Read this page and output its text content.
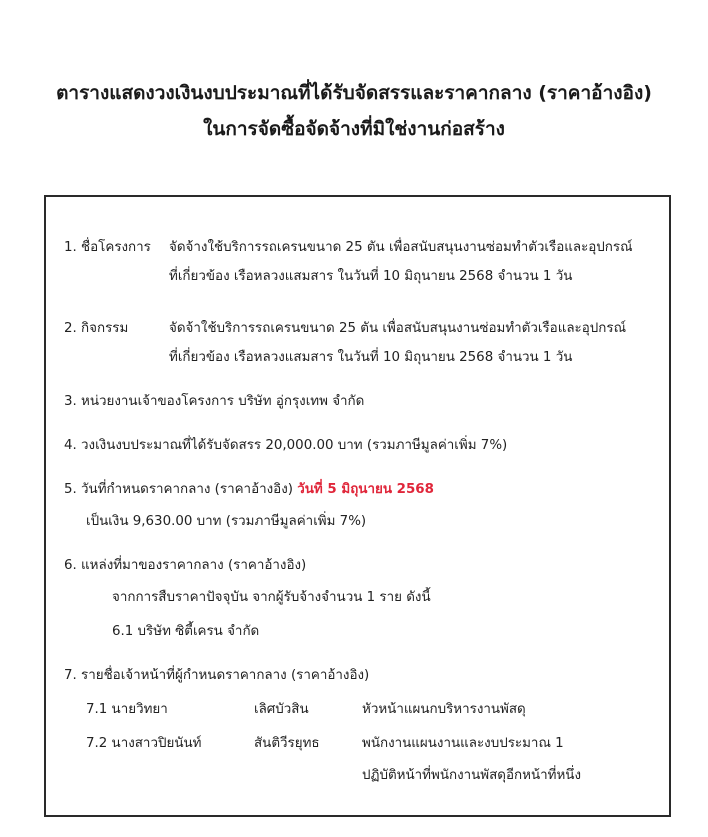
ตารางแสดงวงเงินงบประมาณที่ได้รับจัดสรรและราคากลาง (ราคาอ้างอิง)
ในการจัดซื้อจัดจ้างที่มิใช่งานก่อสร้าง
1. ชื่อโครงการ จัดจ้างใช้บริการรถเครนขนาด 25 ตัน เพื่อสนับสนุนงานซ่อมทำตัวเรือและอุปกรณ์
ที่เกี่ยวข้อง เรือหลวงแสมสาร ในวันที่ 10 มิถุนายน 2568 จำนวน 1 วัน
2. กิจกรรม	จัดจ้าใช้บริการรถเครนขนาด 25 ตัน เพื่อสนับสนุนงานซ่อมทำตัวเรือและอุปกรณ์
ที่เกี่ยวข้อง เรือหลวงแสมสาร ในวันที่ 10 มิถุนายน 2568 จำนวน 1 วัน
3. หน่วยงานเจ้าของโครงการ บริษัท อู่กรุงเทพ จำกัด
4. วงเงินงบประมาณที่ได้รับจัดสรร 20,000.00 บาท (รวมภาษีมูลค่าเพิ่ม 7%)
5. วันที่กำหนดราคากลาง (ราคาอ้างอิง) วันที่ 5 มิถุนายน 2568
เป็นเงิน 9,630.00 บาท (รวมภาษีมูลค่าเพิ่ม 7%)
6. แหล่งที่มาของราคากลาง (ราคาอ้างอิง)
จากการสืบราคาปัจจุบัน จากผู้รับจ้างจำนวน 1 ราย ดังนี้
6.1 บริษัท ซิตี้เครน จำกัด
7. รายชื่อเจ้าหน้าที่ผู้กำหนดราคากลาง (ราคาอ้างอิง)
7.1 นายวิทยา	เลิศบัวสิน	หัวหน้าแผนกบริหารงานพัสดุ
7.2 นางสาวปิยนันท์	สันติวีรยุทธ	พนักงานแผนงานและงบประมาณ 1
ปฏิบัติหน้าที่พนักงานพัสดุอีกหน้าที่หนึ่ง
